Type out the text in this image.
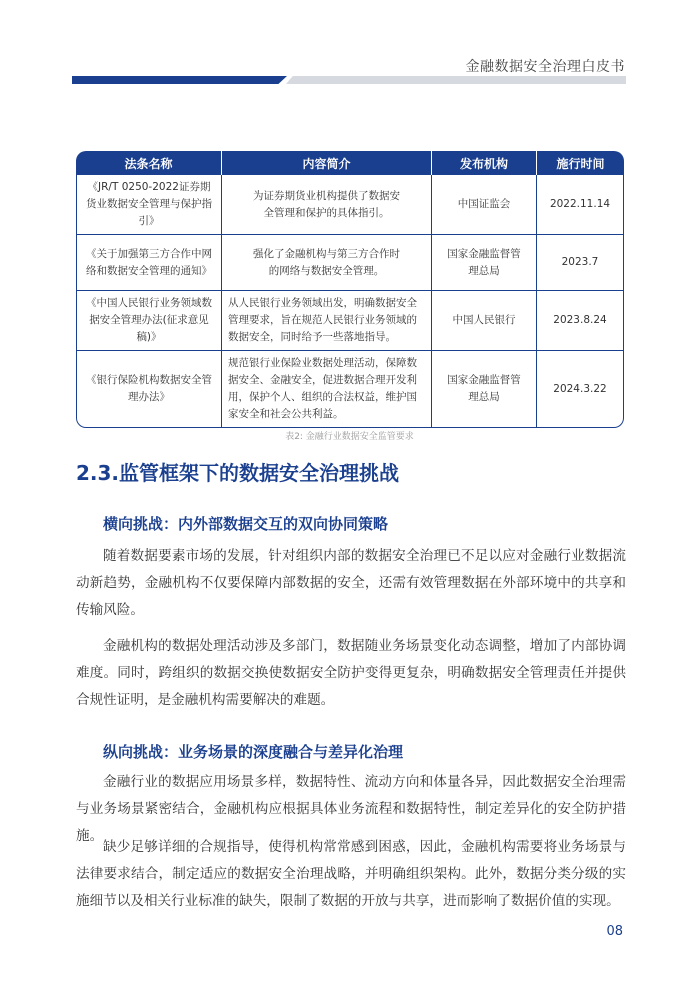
金融数据安全治理白皮书
法条名称	内容简介	发布机构	施行时间
《JR/T 0250-2022证券期货业数据安全管理与保护指引》	为证券期货业机构提供了数据安全管理和保护的具体指引。	中国证监会	2022.11.14
《关于加强第三方合作中网络和数据安全管理的通知》	强化了金融机构与第三方合作时的网络与数据安全管理。	国家金融监督管理总局	2023.7
《中国人民银行业务领域数据安全管理办法(征求意见稿)》	从人民银行业务领域出发，明确数据安全管理要求，旨在规范人民银行业务领域的数据安全，同时给予一些落地指导。	中国人民银行	2023.8.24
《银行保险机构数据安全管理办法》	规范银行业保险业数据处理活动，保障数据安全、金融安全，促进数据合理开发利用，保护个人、组织的合法权益，维护国家安全和社会公共利益。	国家金融监督管理总局	2024.3.22
表2: 金融行业数据安全监管要求
2.3.监管框架下的数据安全治理挑战
横向挑战：内外部数据交互的双向协同策略
随着数据要素市场的发展，针对组织内部的数据安全治理已不足以应对金融行业数据流动新趋势，金融机构不仅要保障内部数据的安全，还需有效管理数据在外部环境中的共享和传输风险。
金融机构的数据处理活动涉及多部门，数据随业务场景变化动态调整，增加了内部协调难度。同时，跨组织的数据交换使数据安全防护变得更复杂，明确数据安全管理责任并提供合规性证明，是金融机构需要解决的难题。
纵向挑战：业务场景的深度融合与差异化治理
金融行业的数据应用场景多样，数据特性、流动方向和体量各异，因此数据安全治理需与业务场景紧密结合，金融机构应根据具体业务流程和数据特性，制定差异化的安全防护措施。
缺少足够详细的合规指导，使得机构常常感到困惑，因此，金融机构需要将业务场景与法律要求结合，制定适应的数据安全治理战略，并明确组织架构。此外，数据分类分级的实施细节以及相关行业标准的缺失，限制了数据的开放与共享，进而影响了数据价值的实现。
08
